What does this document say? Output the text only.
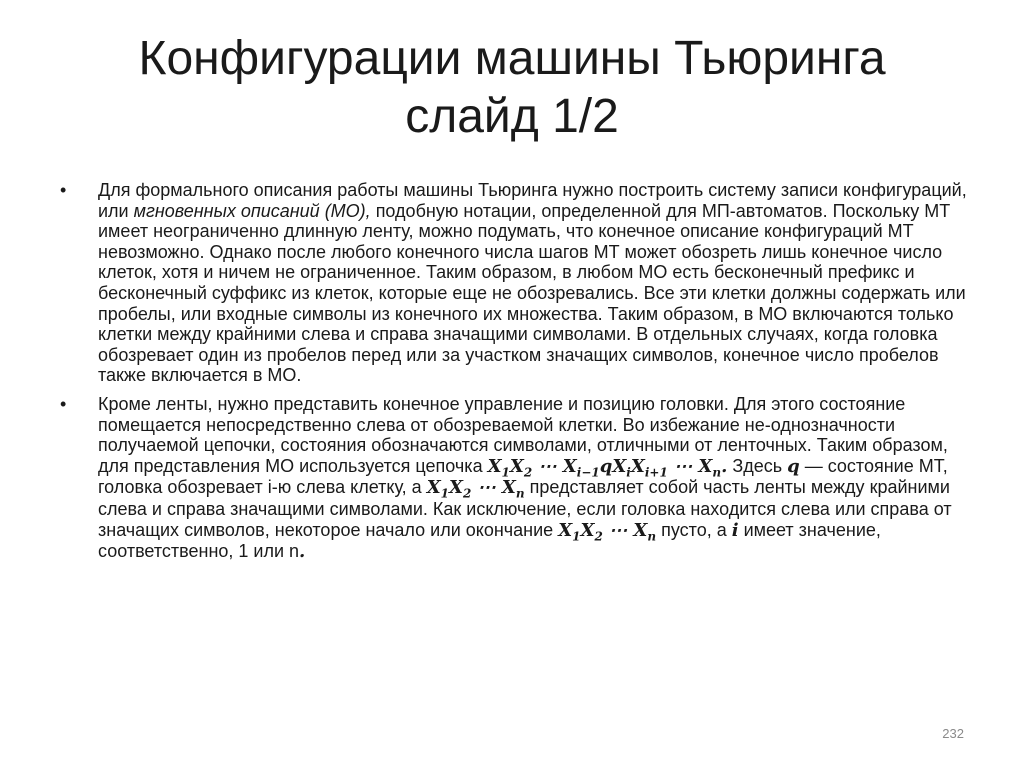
Конфигурации машины Тьюринга
слайд 1/2
•	Для формального описания работы машины Тьюринга нужно построить систему записи конфигураций, или мгновенных описаний (МО), подобную нотации, определенной для МП-автоматов. Поскольку МТ имеет неограниченно длинную ленту, можно подумать, что конечное описание конфигураций МТ невозможно. Однако после любого конечного числа шагов МТ может обозреть лишь конечное число клеток, хотя и ничем не ограниченное. Таким образом, в любом МО есть бесконечный префикс и бесконечный суффикс из клеток, которые еще не обозревались. Все эти клетки должны содержать или пробелы, или входные символы из конечного их множества. Таким образом, в МО включаются только клетки между крайними слева и справа значащими символами. В отдельных случаях, когда головка обозревает один из пробелов перед или за участком значащих символов, конечное число пробелов также включается в МО.
•	Кроме ленты, нужно представить конечное управление и позицию головки. Для этого состояние помещается непосредственно слева от обозреваемой клетки. Во избежание не-однозначности получаемой цепочки, состояния обозначаются символами, отличными от ленточных. Таким образом, для представления МО используется цепочка $X_1X_2$ ⋯ $X_{i-1}qX_iX_{i+1}$ ⋯ $X_n$. Здесь q — состояние МТ, головка обозревает i-ю слева клетку, а $X_1X_2$ ⋯ $X_n$ представляет собой часть ленты между крайними слева и справа значащими символами. Как исключение, если головка находится слева или справа от значащих символов, некоторое начало или окончание $X_1X_2$ ⋯ $X_n$ пусто, а i имеет значение, соответственно, 1 или n.
232
